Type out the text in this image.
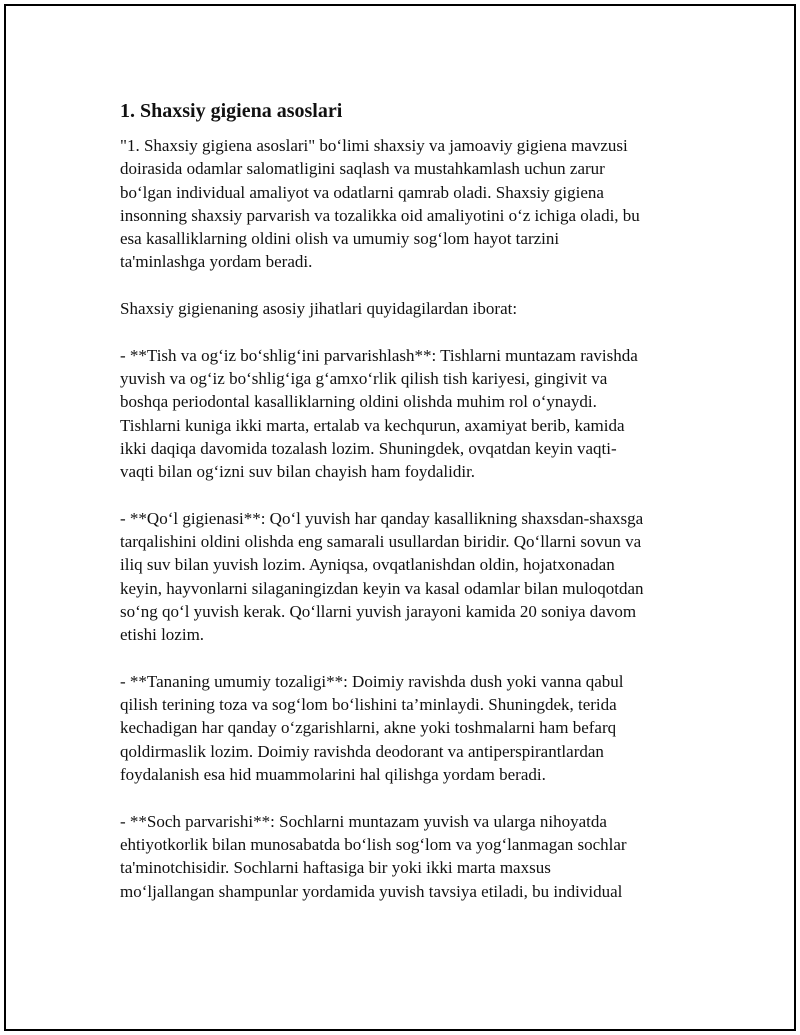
1. Shaxsiy gigiena asoslari

"1. Shaxsiy gigiena asoslari" bo‘limi shaxsiy va jamoaviy gigiena mavzusi
doirasida odamlar salomatligini saqlash va mustahkamlash uchun zarur
bo‘lgan individual amaliyot va odatlarni qamrab oladi. Shaxsiy gigiena
insonning shaxsiy parvarish va tozalikka oid amaliyotini o‘z ichiga oladi, bu
esa kasalliklarning oldini olish va umumiy sog‘lom hayot tarzini
ta'minlashga yordam beradi.

Shaxsiy gigienaning asosiy jihatlari quyidagilardan iborat:

- **Tish va og‘iz bo‘shlig‘ini parvarishlash**: Tishlarni muntazam ravishda
yuvish va og‘iz bo‘shlig‘iga g‘amxo‘rlik qilish tish kariyesi, gingivit va
boshqa periodontal kasalliklarning oldini olishda muhim rol o‘ynaydi.
Tishlarni kuniga ikki marta, ertalab va kechqurun, axamiyat berib, kamida
ikki daqiqa davomida tozalash lozim. Shuningdek, ovqatdan keyin vaqti-
vaqti bilan og‘izni suv bilan chayish ham foydalidir.

- **Qo‘l gigienasi**: Qo‘l yuvish har qanday kasallikning shaxsdan-shaxsga
tarqalishini oldini olishda eng samarali usullardan biridir. Qo‘llarni sovun va
iliq suv bilan yuvish lozim. Ayniqsa, ovqatlanishdan oldin, hojatxonadan
keyin, hayvonlarni silaganingizdan keyin va kasal odamlar bilan muloqotdan
so‘ng qo‘l yuvish kerak. Qo‘llarni yuvish jarayoni kamida 20 soniya davom
etishi lozim.

- **Tananing umumiy tozaligi**: Doimiy ravishda dush yoki vanna qabul
qilish terining toza va sog‘lom bo‘lishini ta’minlaydi. Shuningdek, terida
kechadigan har qanday o‘zgarishlarni, akne yoki toshmalarni ham befarq
qoldirmaslik lozim. Doimiy ravishda deodorant va antiperspirantlardan
foydalanish esa hid muammolarini hal qilishga yordam beradi.

- **Soch parvarishi**: Sochlarni muntazam yuvish va ularga nihoyatda
ehtiyotkorlik bilan munosabatda bo‘lish sog‘lom va yog‘lanmagan sochlar
ta'minotchisidir. Sochlarni haftasiga bir yoki ikki marta maxsus
mo‘ljallangan shampunlar yordamida yuvish tavsiya etiladi, bu individual
